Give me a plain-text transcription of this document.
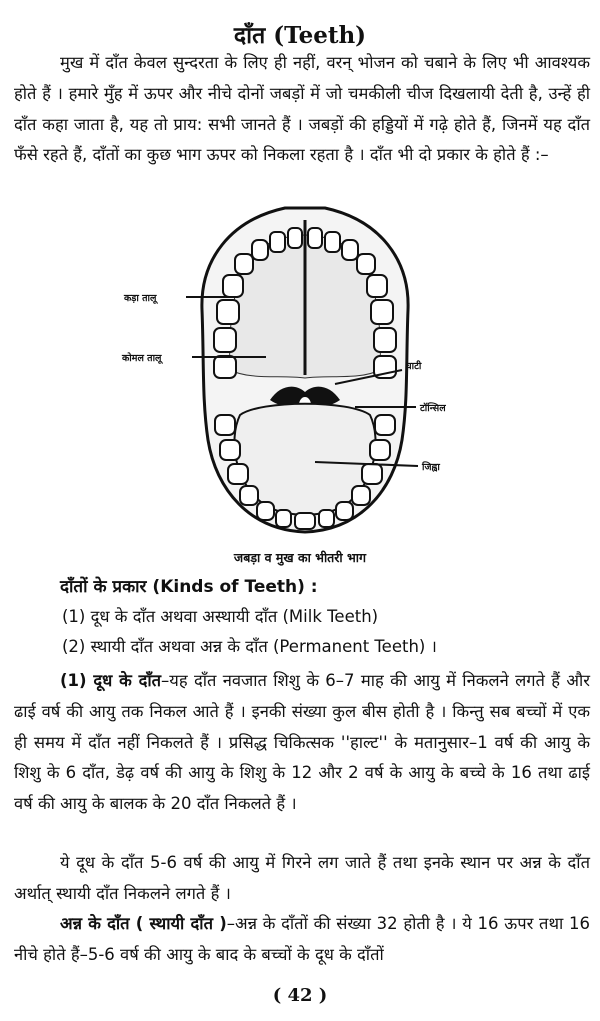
दाँत (Teeth)

मुख में दाँत केवल सुन्दरता के लिए ही नहीं, वरन् भोजन को चबाने के लिए भी आवश्यक होते हैं । हमारे मुँह में ऊपर और नीचे दोनों जबड़ों में जो चमकीली चीज दिखलायी देती है, उन्हें ही दाँत कहा जाता है, यह तो प्राय: सभी जानते हैं । जबड़ों की हड्डियों में गढ़े होते हैं, जिनमें यह दाँत फँसे रहते हैं, दाँतों का कुछ भाग ऊपर को निकला रहता है । दाँत भी दो प्रकार के होते हैं :–

कड़ा तालू
कोमल तालू
घाटी
टॉन्सिल
जिह्वा
जबड़ा व मुख का भीतरी भाग
दाँतों के प्रकार (Kinds of Teeth) :
(1) दूध के दाँत अथवा अस्थायी दाँत (Milk Teeth)
(2) स्थायी दाँत अथवा अन्न के दाँत (Permanent Teeth) ।

(1) दूध के दाँत–यह दाँत नवजात शिशु के 6–7 माह की आयु में निकलने लगते हैं और ढाई वर्ष की आयु तक निकल आते हैं । इनकी संख्या कुल बीस होती है । किन्तु सब बच्चों में एक ही समय में दाँत नहीं निकलते हैं । प्रसिद्ध चिकित्सक ''हाल्ट'' के मतानुसार–1 वर्ष की आयु के शिशु के 6 दाँत, डेढ़ वर्ष की आयु के शिशु के 12 और 2 वर्ष के आयु के बच्चे के 16 तथा ढाई वर्ष की आयु के बालक के 20 दाँत निकलते हैं ।

ये दूध के दाँत 5-6 वर्ष की आयु में गिरने लग जाते हैं तथा इनके स्थान पर अन्न के दाँत अर्थात् स्थायी दाँत निकलने लगते हैं ।

अन्न के दाँत ( स्थायी दाँत )–अन्न के दाँतों की संख्या 32 होती है । ये 16 ऊपर तथा 16 नीचे होते हैं–5-6 वर्ष की आयु के बाद के बच्चों के दूध के दाँतों

( 42 )
